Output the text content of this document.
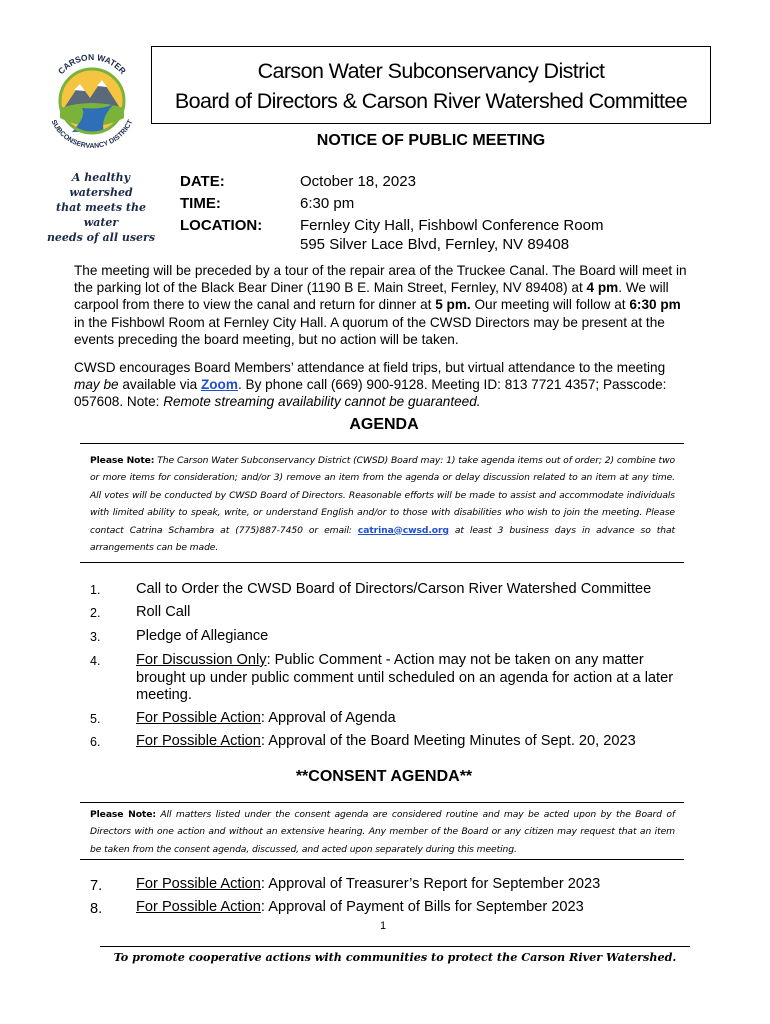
CARSON WATER
SUBCONSERVANCY DISTRICT
A healthy watershed
that meets the water
needs of all users
Carson Water Subconservancy District
Board of Directors & Carson River Watershed Committee
NOTICE OF PUBLIC MEETING
DATE:	October 18, 2023
TIME:	6:30 pm
LOCATION:	Fernley City Hall, Fishbowl Conference Room
595 Silver Lace Blvd, Fernley, NV 89408
The meeting will be preceded by a tour of the repair area of the Truckee Canal. The Board will meet in the parking lot of the Black Bear Diner (1190 B E. Main Street, Fernley, NV 89408) at 4 pm. We will carpool from there to view the canal and return for dinner at 5 pm. Our meeting will follow at 6:30 pm in the Fishbowl Room at Fernley City Hall. A quorum of the CWSD Directors may be present at the events preceding the board meeting, but no action will be taken.
CWSD encourages Board Members’ attendance at field trips, but virtual attendance to the meeting may be available via Zoom. By phone call (669) 900-9128. Meeting ID: 813 7721 4357; Passcode: 057608. Note: Remote streaming availability cannot be guaranteed.
AGENDA
Please Note: The Carson Water Subconservancy District (CWSD) Board may: 1) take agenda items out of order; 2) combine two or more items for consideration; and/or 3) remove an item from the agenda or delay discussion related to an item at any time. All votes will be conducted by CWSD Board of Directors. Reasonable efforts will be made to assist and accommodate individuals with limited ability to speak, write, or understand English and/or to those with disabilities who wish to join the meeting. Please contact Catrina Schambra at (775)887-7450 or email: catrina@cwsd.org at least 3 business days in advance so that arrangements can be made.
1. Call to Order the CWSD Board of Directors/Carson River Watershed Committee
2. Roll Call
3. Pledge of Allegiance
4. For Discussion Only: Public Comment - Action may not be taken on any matter brought up under public comment until scheduled on an agenda for action at a later meeting.
5. For Possible Action: Approval of Agenda
6. For Possible Action: Approval of the Board Meeting Minutes of Sept. 20, 2023
**CONSENT AGENDA**
Please Note: All matters listed under the consent agenda are considered routine and may be acted upon by the Board of Directors with one action and without an extensive hearing. Any member of the Board or any citizen may request that an item be taken from the consent agenda, discussed, and acted upon separately during this meeting.
7. For Possible Action: Approval of Treasurer’s Report for September 2023
8. For Possible Action: Approval of Payment of Bills for September 2023
1
To promote cooperative actions with communities to protect the Carson River Watershed.
